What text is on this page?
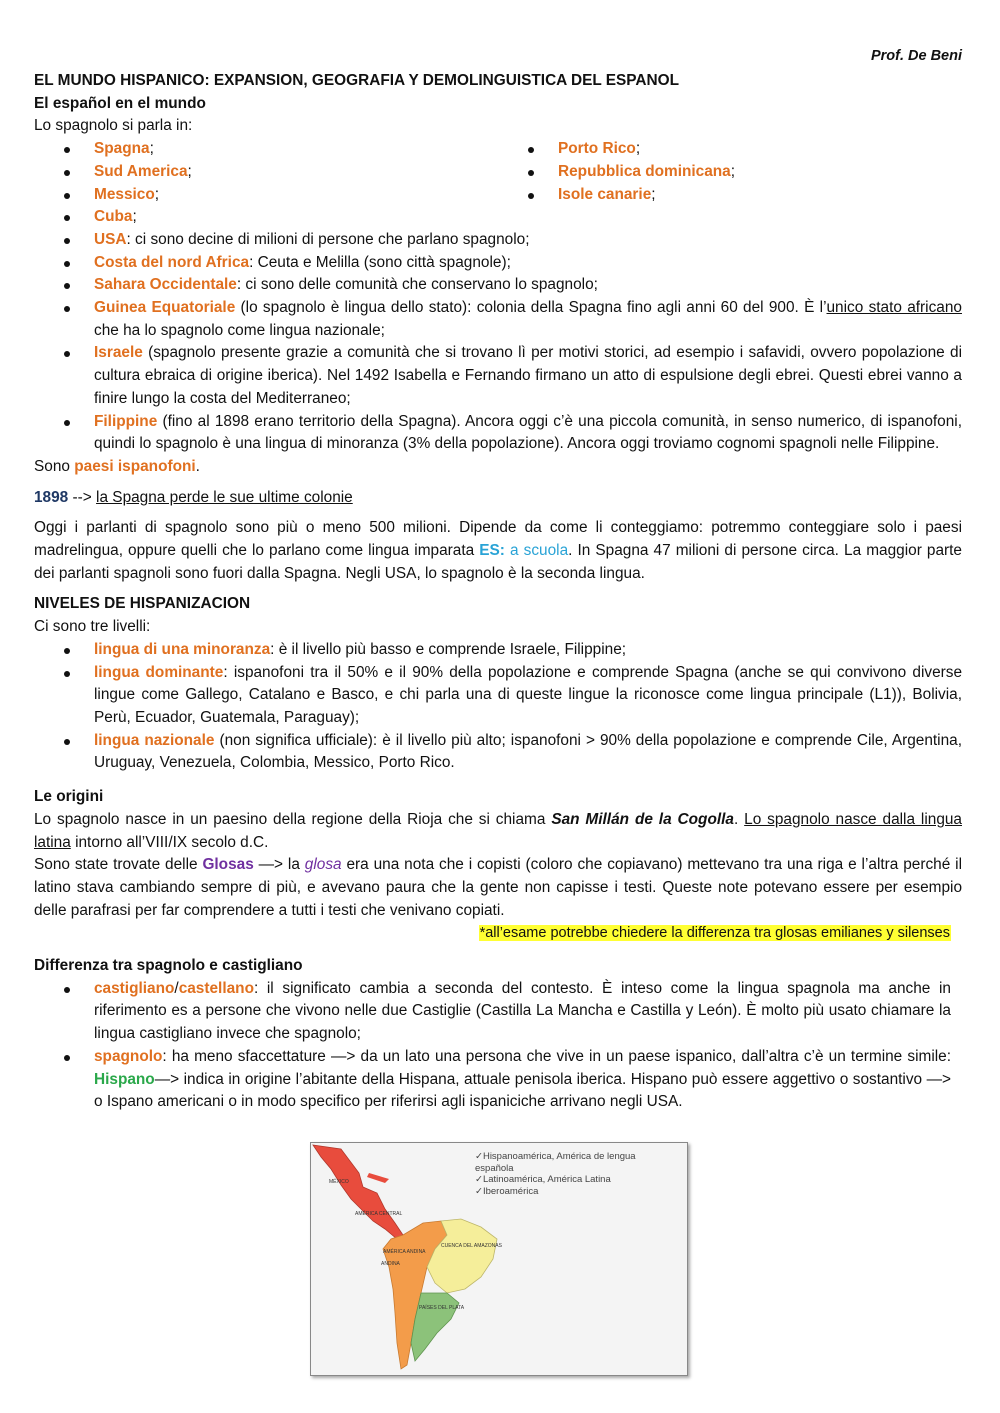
Prof. De Beni
EL MUNDO HISPANICO: EXPANSION, GEOGRAFIA Y DEMOLINGUISTICA DEL ESPANOL
El español en el mundo

Lo spagnolo si parla in:

Spagna;
Sud America;
Messico;
Porto Rico;
Repubblica dominicana;
Isole canarie;
Cuba;
USA: ci sono decine di milioni di persone che parlano spagnolo;
Costa del nord Africa: Ceuta e Melilla (sono città spagnole);
Sahara Occidentale: ci sono delle comunità che conservano lo spagnolo;
Guinea Equatoriale (lo spagnolo è lingua dello stato): colonia della Spagna fino agli anni 60 del 900. È l’unico stato africano che ha lo spagnolo come lingua nazionale;
Israele (spagnolo presente grazie a comunità che si trovano lì per motivi storici, ad esempio i safavidi, ovvero popolazione di cultura ebraica di origine iberica). Nel 1492 Isabella e Fernando firmano un atto di espulsione degli ebrei. Questi ebrei vanno a finire lungo la costa del Mediterraneo;
Filippine (fino al 1898 erano territorio della Spagna). Ancora oggi c’è una piccola comunità, in senso numerico, di ispanofoni, quindi lo spagnolo è una lingua di minoranza (3% della popolazione). Ancora oggi troviamo cognomi spagnoli nelle Filippine.

Sono paesi ispanofoni.

1898 --> la Spagna perde le sue ultime colonie

Oggi i parlanti di spagnolo sono più o meno 500 milioni. Dipende da come li conteggiamo: potremmo conteggiare solo i paesi madrelingua, oppure quelli che lo parlano come lingua imparata ES: a scuola. In Spagna 47 milioni di persone circa. La maggior parte dei parlanti spagnoli sono fuori dalla Spagna. Negli USA, lo spagnolo è la seconda lingua.

NIVELES DE HISPANIZACION

Ci sono tre livelli:

lingua di una minoranza: è il livello più basso e comprende Israele, Filippine;
lingua dominante: ispanofoni tra il 50% e il 90% della popolazione e comprende Spagna (anche se qui convivono diverse lingue come Gallego, Catalano e Basco, e chi parla una di queste lingue la riconosce come lingua principale (L1)), Bolivia, Perù, Ecuador, Guatemala, Paraguay);
lingua nazionale (non significa ufficiale): è il livello più alto; ispanofoni > 90% della popolazione e comprende Cile, Argentina, Uruguay, Venezuela, Colombia, Messico, Porto Rico.
Le origini

Lo spagnolo nasce in un paesino della regione della Rioja che si chiama San Millán de la Cogolla. Lo spagnolo nasce dalla lingua latina intorno all’VIII/IX secolo d.C.

Sono state trovate delle Glosas —> la glosa era una nota che i copisti (coloro che copiavano) mettevano tra una riga e l’altra perché il latino stava cambiando sempre di più, e avevano paura che la gente non capisse i testi. Queste note potevano essere per esempio delle parafrasi per far comprendere a tutti i testi che venivano copiati.

*all’esame potrebbe chiedere la differenza tra glosas emilianes y silenses
Differenza tra spagnolo e castigliano
castigliano/castellano: il significato cambia a seconda del contesto. È inteso come la lingua spagnola ma anche in riferimento es a persone che vivono nelle due Castiglie (Castilla La Mancha e Castilla y León). È molto più usato chiamare la lingua castigliano invece che spagnolo;
spagnolo: ha meno sfaccettature —> da un lato una persona che vive in un paese ispanico, dall’altra c’è un termine simile: Hispano—> indica in origine l’abitante della Hispana, attuale penisola iberica. Hispano può essere aggettivo o sostantivo —> o Ispano americani o in modo specifico per riferirsi agli ispaniciche arrivano negli USA.
MÉXICO
AMÉRICA CENTRAL
AMÉRICA ANDINA
ANDINA
CUENCA DEL AMAZONAS
PAÍSES DEL PLATA
✓Hispanoamérica, América de lengua
española
✓Latinoamérica, América Latina
✓Iberoamérica
